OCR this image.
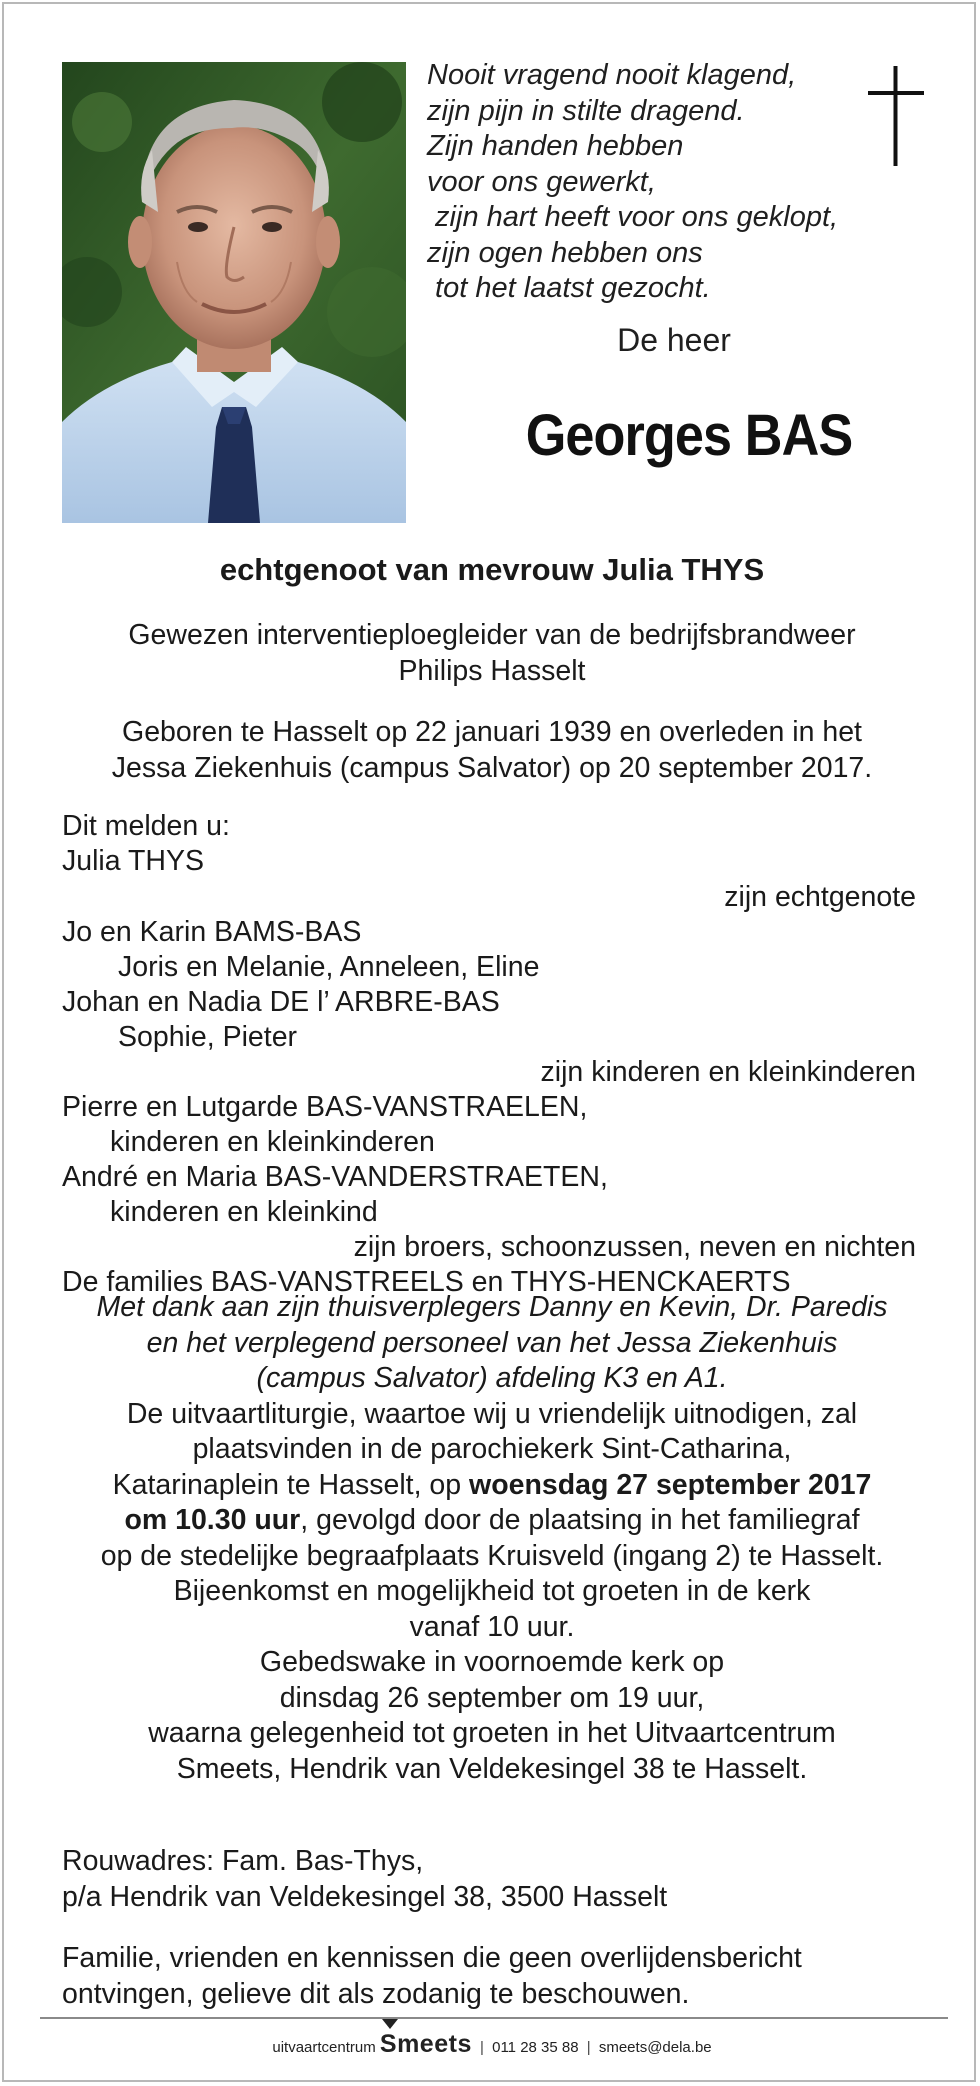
Nooit vragend nooit klagend,
zijn pijn in stilte dragend.
Zijn handen hebben
voor ons gewerkt,
zijn hart heeft voor ons geklopt,
zijn ogen hebben ons
tot het laatst gezocht.
De heer
Georges BAS
echtgenoot van mevrouw Julia THYS
Gewezen interventieploegleider van de bedrijfsbrandweer
Philips Hasselt
Geboren te Hasselt op 22 januari 1939 en overleden in het
Jessa Ziekenhuis (campus Salvator) op 20 september 2017.
Dit melden u:
Julia THYS
zijn echtgenote
Jo en Karin BAMS-BAS
Joris en Melanie, Anneleen, Eline
Johan en Nadia DE l’ ARBRE-BAS
Sophie, Pieter
zijn kinderen en kleinkinderen
Pierre en Lutgarde BAS-VANSTRAELEN,
kinderen en kleinkinderen
André en Maria BAS-VANDERSTRAETEN,
kinderen en kleinkind
zijn broers, schoonzussen, neven en nichten
De families BAS-VANSTREELS en THYS-HENCKAERTS
Met dank aan zijn thuisverplegers Danny en Kevin, Dr. Paredis
en het verplegend personeel van het Jessa Ziekenhuis
(campus Salvator) afdeling K3 en A1.
De uitvaartliturgie, waartoe wij u vriendelijk uitnodigen, zal
plaatsvinden in de parochiekerk Sint-Catharina,
Katarinaplein te Hasselt, op woensdag 27 september 2017
om 10.30 uur, gevolgd door de plaatsing in het familiegraf
op de stedelijke begraafplaats Kruisveld (ingang 2) te Hasselt.
Bijeenkomst en mogelijkheid tot groeten in de kerk
vanaf 10 uur.
Gebedswake in voornoemde kerk op
dinsdag 26 september om 19 uur,
waarna gelegenheid tot groeten in het Uitvaartcentrum
Smeets, Hendrik van Veldekesingel 38 te Hasselt.
Rouwadres: Fam. Bas-Thys,
p/a Hendrik van Veldekesingel 38, 3500 Hasselt
Familie, vrienden en kennissen die geen overlijdensbericht
ontvingen, gelieve dit als zodanig te beschouwen.
uitvaartcentrum Smeets | 011 28 35 88 | smeets@dela.be
